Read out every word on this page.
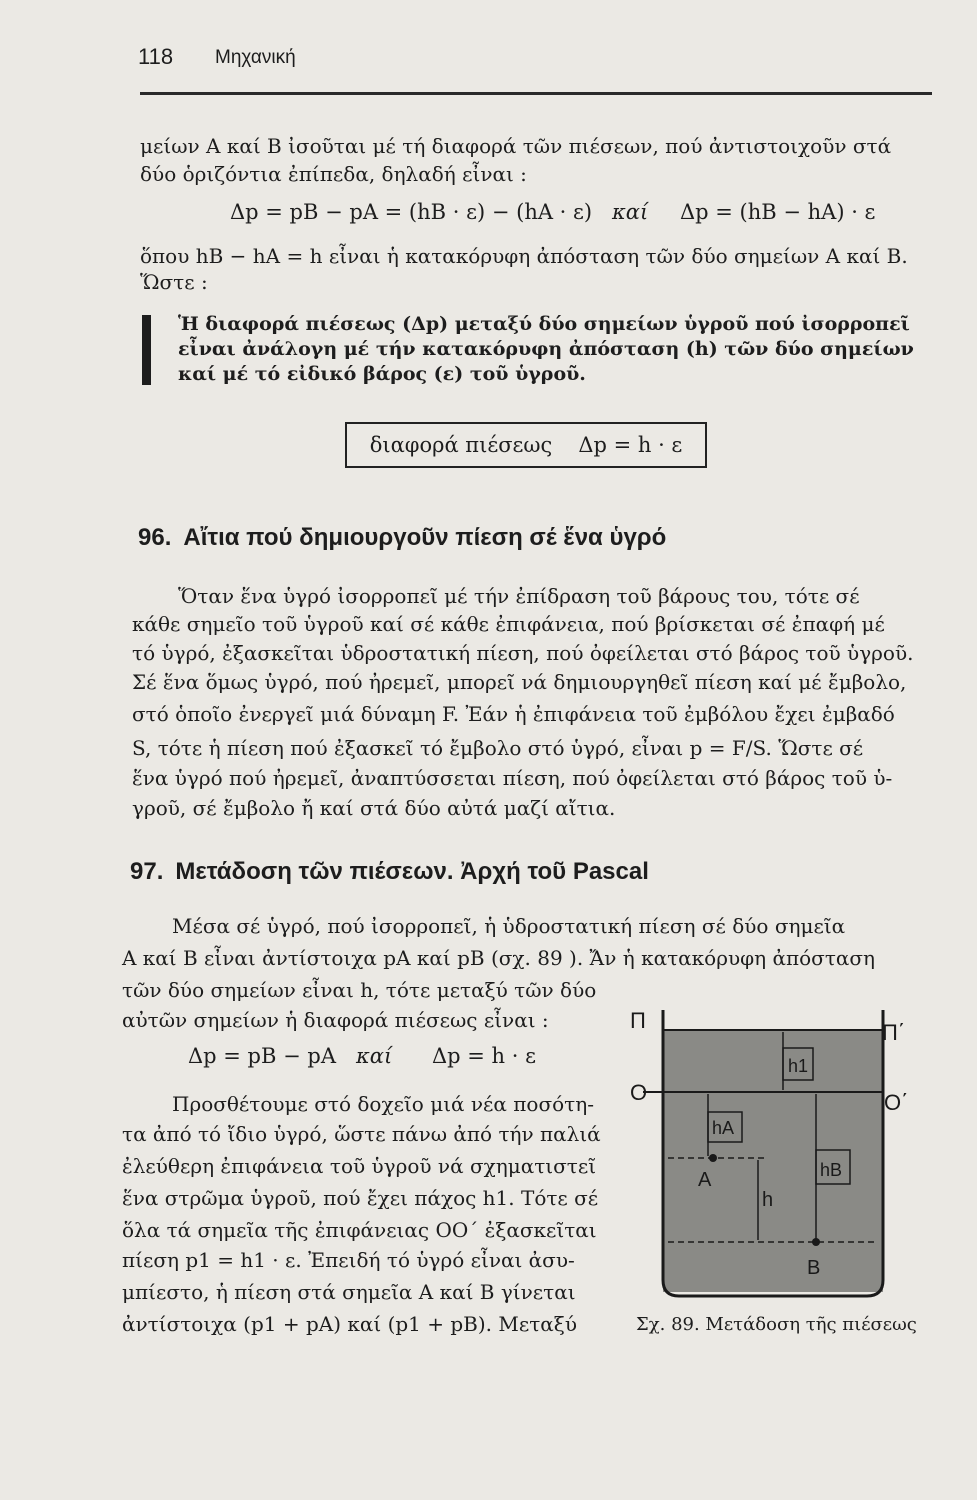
118 Μηχανική
μείων Α καί Β ἰσοῦται μέ τή διαφορά τῶν πιέσεων, πού ἀντιστοιχοῦν στά
δύο ὁριζόντια ἐπίπεδα, δηλαδή εἶναι :
Δp = pB − pA = (hB · ε) − (hA · ε) καί Δp = (hB − hA) · ε
ὅπου hB − hA = h εἶναι ἡ κατακόρυφη ἀπόσταση τῶν δύο σημείων Α καί Β.
Ὥστε :
Ἡ διαφορά πιέσεως (Δp) μεταξύ δύο σημείων ὑγροῦ πού ἰσορροπεῖ εἶναι ἀνάλογη μέ τήν κατακόρυφη ἀπόσταση (h) τῶν δύο σημείων καί μέ τό εἰδικό βάρος (ε) τοῦ ὑγροῦ.
διαφορά πιέσεως Δp = h · ε
96. Αἴτια πού δημιουργοῦν πίεση σέ ἕνα ὑγρό
Ὅταν ἕνα ὑγρό ἰσορροπεῖ μέ τήν ἐπίδραση τοῦ βάρους του, τότε σέ
κάθε σημεῖο τοῦ ὑγροῦ καί σέ κάθε ἐπιφάνεια, πού βρίσκεται σέ ἐπαφή μέ
τό ὑγρό, ἐξασκεῖται ὑδροστατική πίεση, πού ὀφείλεται στό βάρος τοῦ ὑγροῦ.
Σέ ἕνα ὅμως ὑγρό, πού ἠρεμεῖ, μπορεῖ νά δημιουργηθεῖ πίεση καί μέ ἔμβολο,
στό ὁποῖο ἐνεργεῖ μιά δύναμη F. Ἐάν ἡ ἐπιφάνεια τοῦ ἐμβόλου ἔχει ἐμβαδό
S, τότε ἡ πίεση πού ἐξασκεῖ τό ἔμβολο στό ὑγρό, εἶναι p = F/S. Ὥστε σέ
ἕνα ὑγρό πού ἠρεμεῖ, ἀναπτύσσεται πίεση, πού ὀφείλεται στό βάρος τοῦ ὑ-
γροῦ, σέ ἔμβολο ἤ καί στά δύο αὐτά μαζί αἴτια.
97. Μετάδοση τῶν πιέσεων. Ἀρχή τοῦ Pascal
Μέσα σέ ὑγρό, πού ἰσορροπεῖ, ἡ ὑδροστατική πίεση σέ δύο σημεῖα
Α καί Β εἶναι ἀντίστοιχα pA καί pB (σχ. 89 ). Ἄν ἡ κατακόρυφη ἀπόσταση
τῶν δύο σημείων εἶναι h, τότε μεταξύ τῶν δύο
αὐτῶν σημείων ἡ διαφορά πιέσεως εἶναι :
Δp = pB − pA καί Δp = h · ε
Προσθέτουμε στό δοχεῖο μιά νέα ποσότη-
τα ἀπό τό ἴδιο ὑγρό, ὥστε πάνω ἀπό τήν παλιά
ἐλεύθερη ἐπιφάνεια τοῦ ὑγροῦ νά σχηματιστεῖ
ἕνα στρῶμα ὑγροῦ, πού ἔχει πάχος h1. Τότε σέ
ὅλα τά σημεῖα τῆς ἐπιφάνειας ΟΟ΄ ἐξασκεῖται
πίεση p1 = h1 · ε. Ἐπειδή τό ὑγρό εἶναι ἀσυ-
μπίεστο, ἡ πίεση στά σημεῖα Α καί Β γίνεται
ἀντίστοιχα (p1 + pA) καί (p1 + pB). Μεταξύ
Π	Π΄
O	O΄
h1
hA
hB
h
A
B
Σχ. 89. Μετάδοση τῆς πιέσεως
